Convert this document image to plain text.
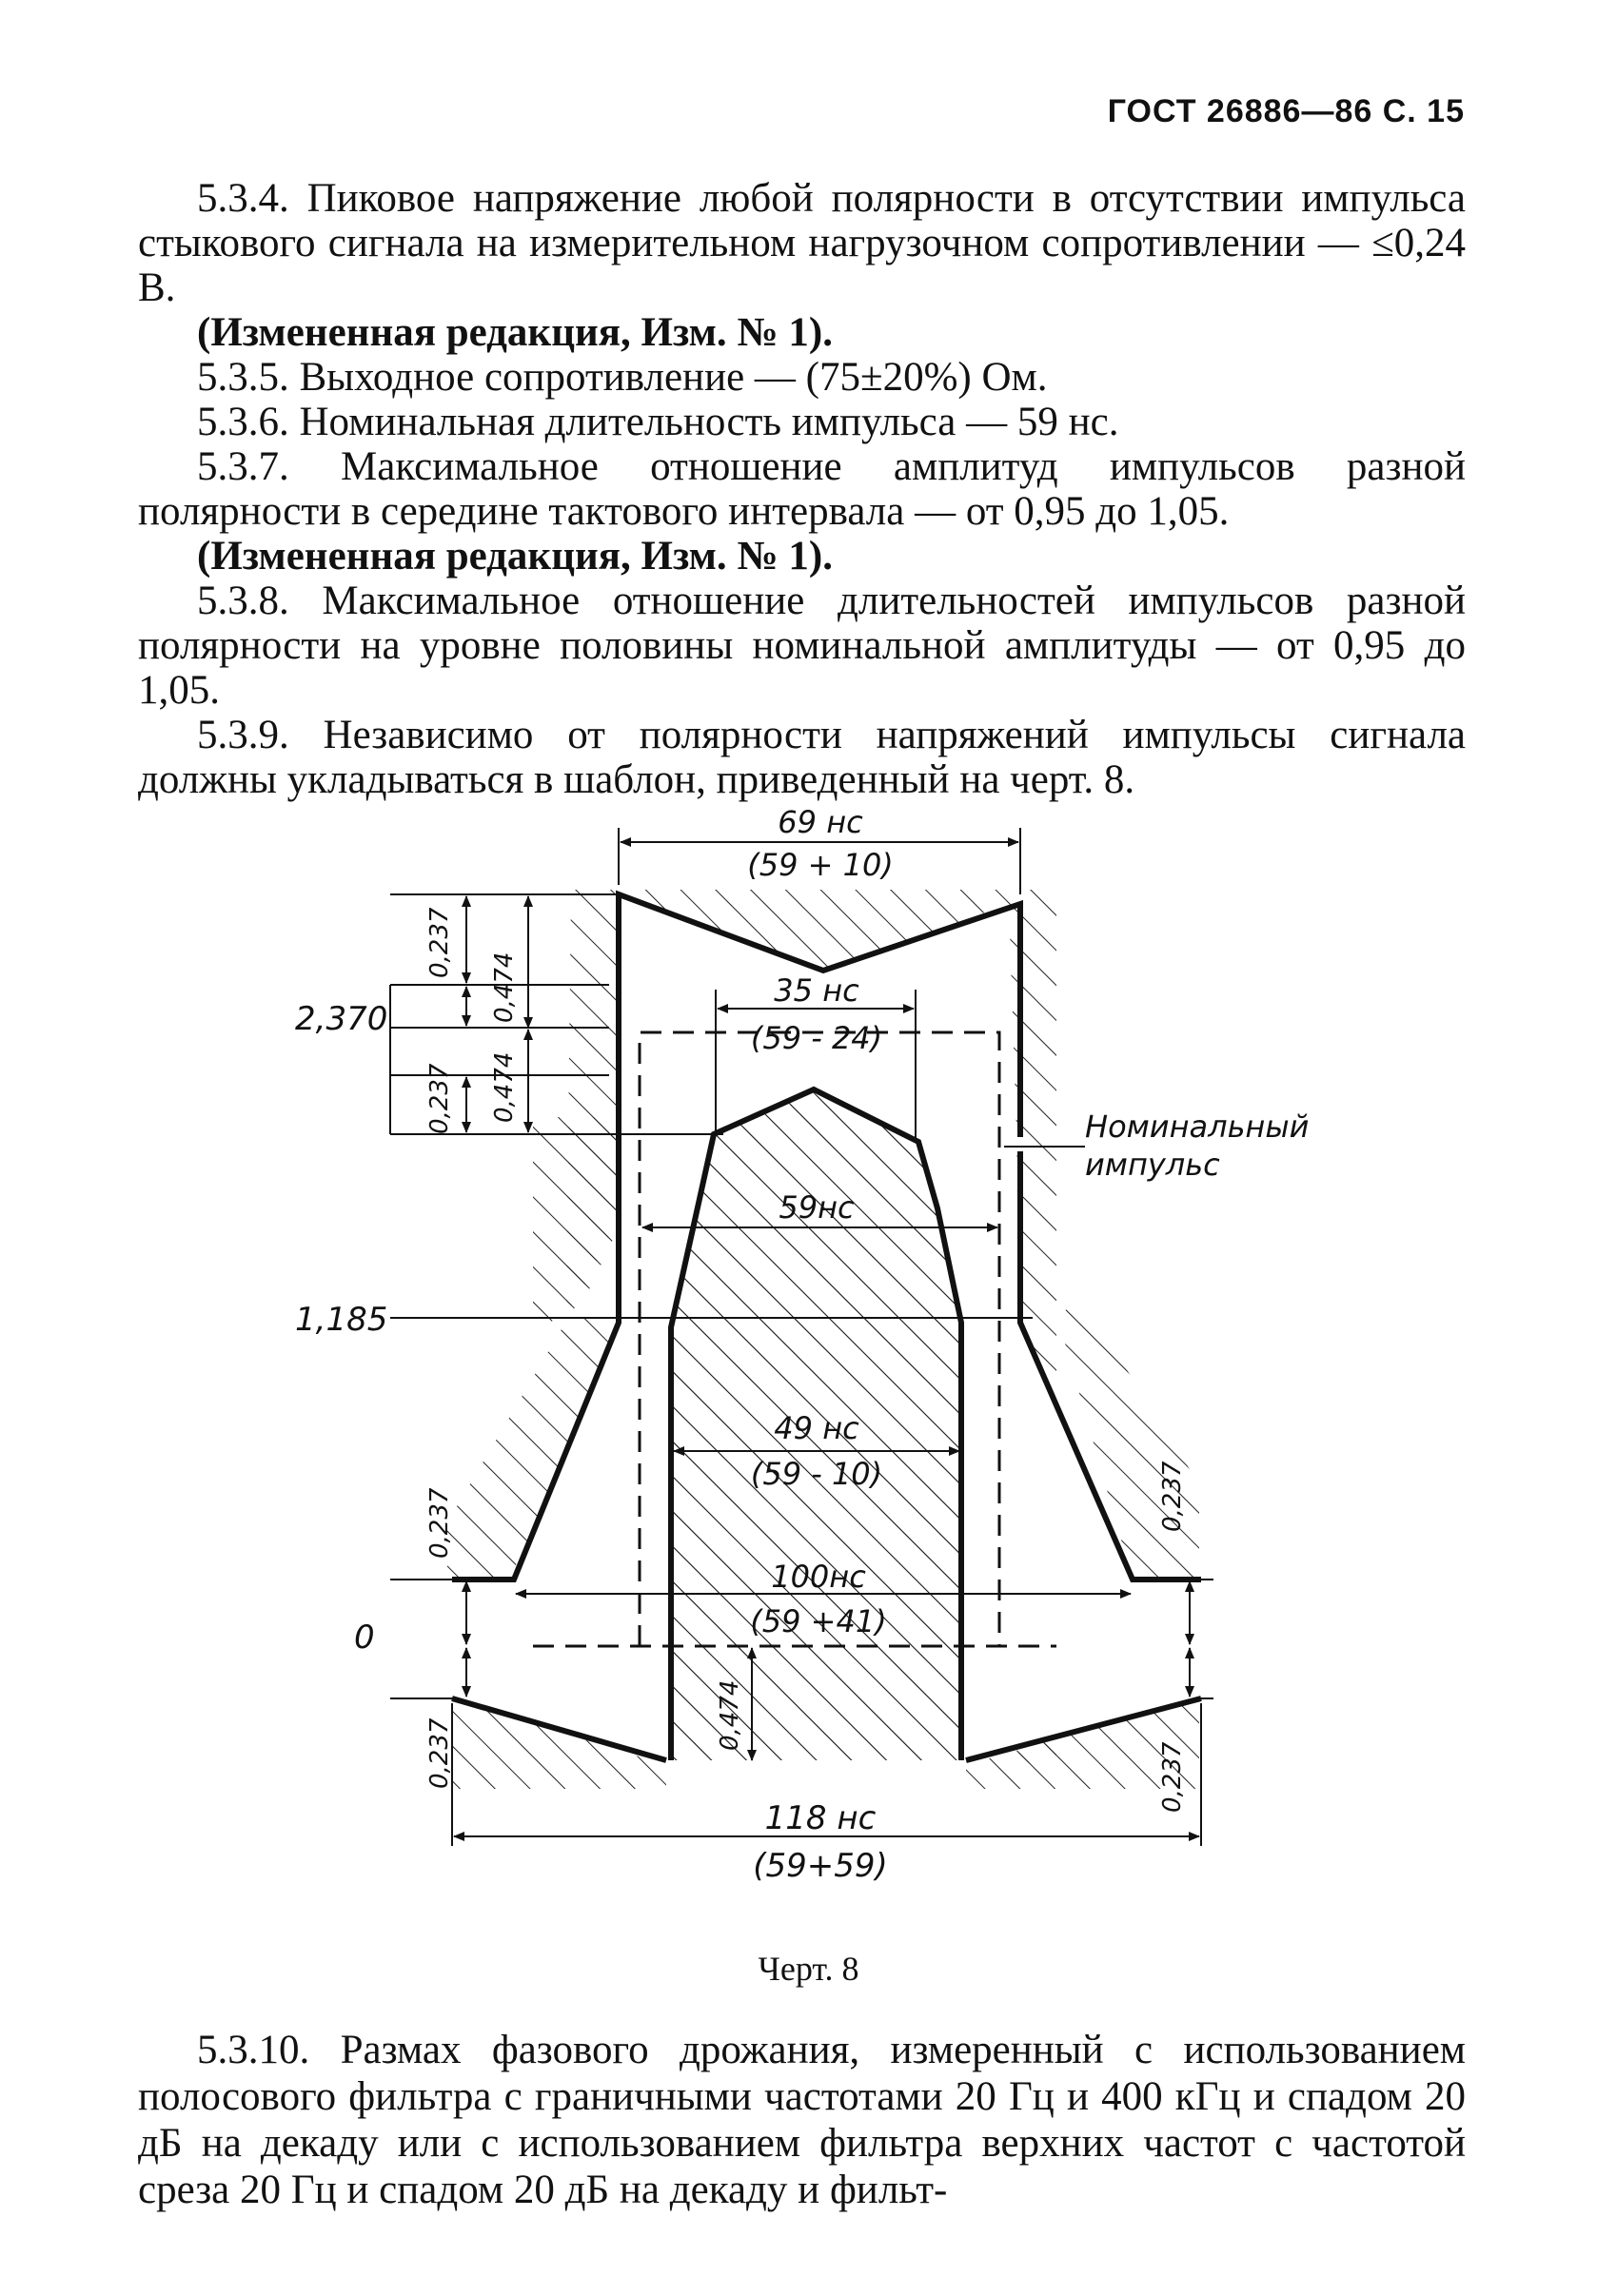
ГОСТ 26886—86 С. 15

5.3.4. Пиковое напряжение любой полярности в отсутствии импульса стыкового сигнала на измерительном нагрузочном сопротивлении — ≤0,24 В.

(Измененная редакция, Изм. № 1).

5.3.5. Выходное сопротивление — (75±20%) Ом.

5.3.6. Номинальная длительность импульса — 59 нс.

5.3.7. Максимальное отношение амплитуд импульсов разной полярности в середине тактового интервала — от 0,95 до 1,05.

(Измененная редакция, Изм. № 1).

5.3.8. Максимальное отношение длительностей импульсов разной полярности на уровне половины номинальной амплитуды — от 0,95 до 1,05.

5.3.9. Независимо от полярности напряжений импульсы сигнала должны укладываться в шаблон, приведенный на черт. 8.

2,370
1,185
0
69 нс
(59 + 10)
35 нс
(59 - 24)
59нс
49 нс
(59 - 10)
100нс
(59 +41)
118 нс
(59+59)
0,237
0,474
0,474
0,237
0,237
0,237
0,474
0,237
0,237
Номинальный
импульс
Черт. 8

5.3.10. Размах фазового дрожания, измеренный с использованием полосового фильтра с граничными частотами 20 Гц и 400 кГц и спадом 20 дБ на декаду или с использованием фильтра верхних частот с частотой среза 20 Гц и спадом 20 дБ на декаду и фильт-
